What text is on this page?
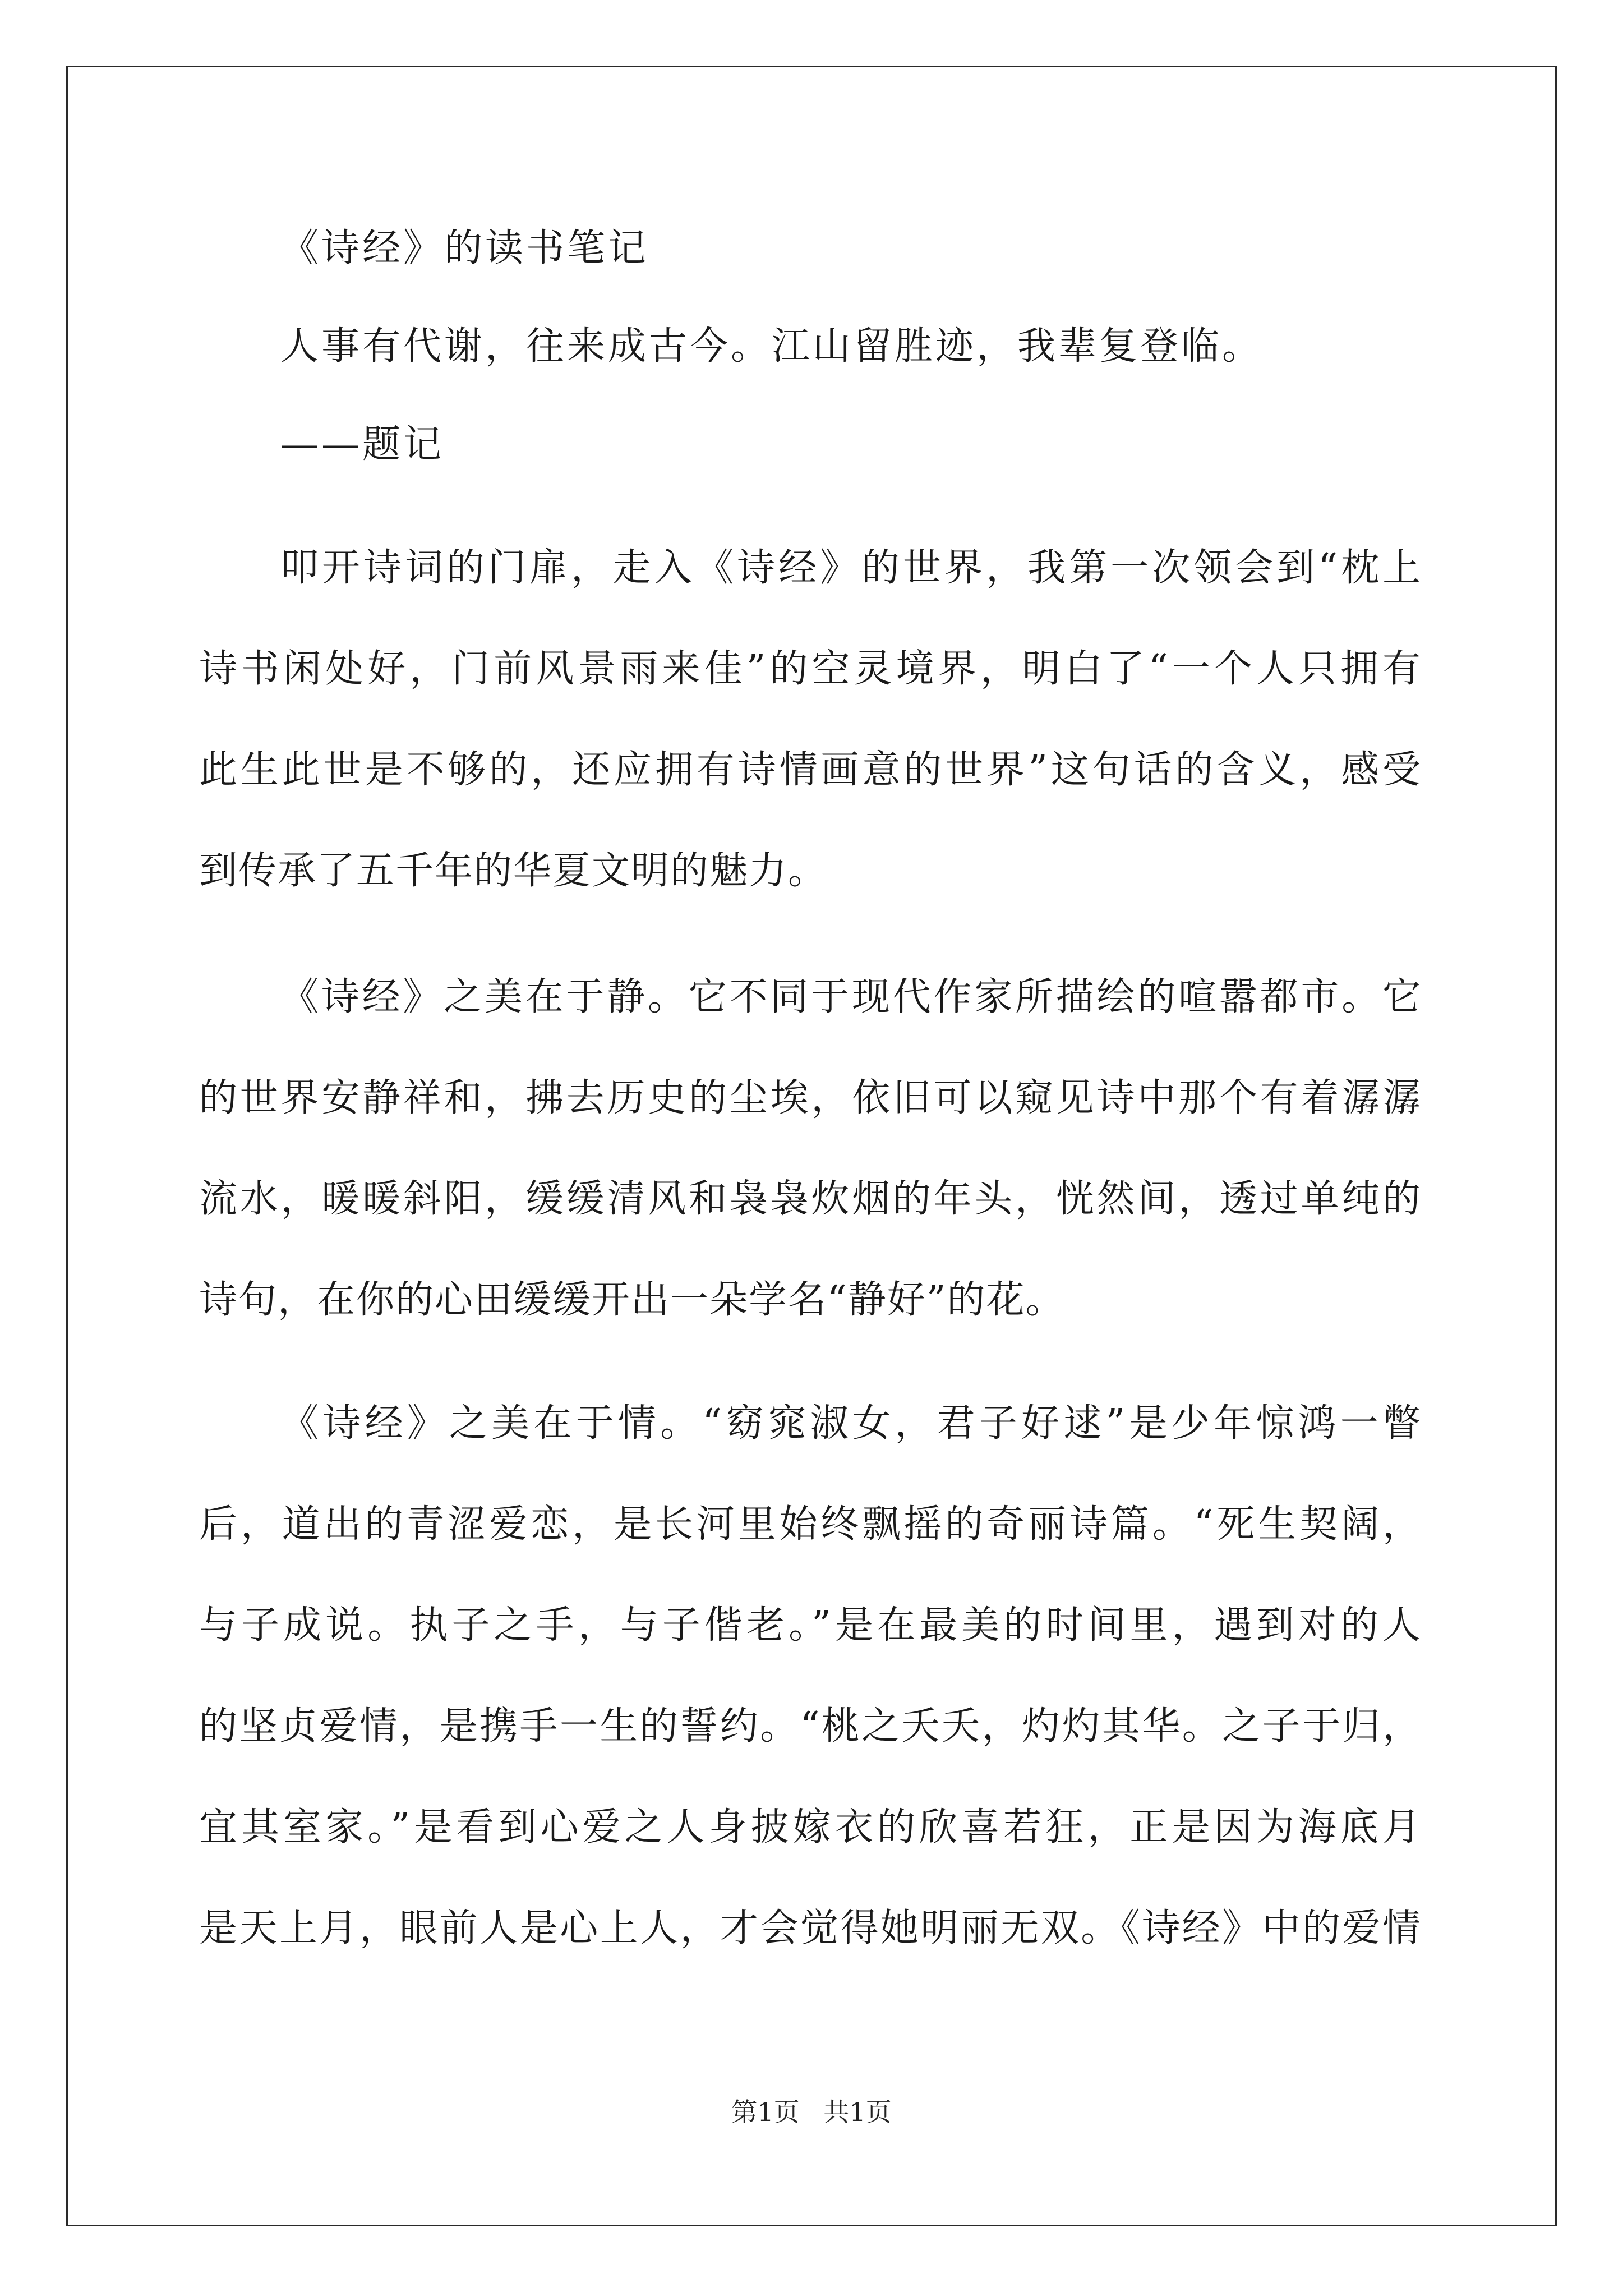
《诗经》的读书笔记
人事有代谢，往来成古今。江山留胜迹，我辈复登临。
——题记
叩开诗词的门扉，走入《诗经》的世界，我第一次领会到“枕上
诗书闲处好，门前风景雨来佳”的空灵境界，明白了“一个人只拥有
此生此世是不够的，还应拥有诗情画意的世界”这句话的含义，感受
到传承了五千年的华夏文明的魅力。
《诗经》之美在于静。它不同于现代作家所描绘的喧嚣都市。它
的世界安静祥和，拂去历史的尘埃，依旧可以窥见诗中那个有着潺潺
流水，暖暖斜阳，缓缓清风和袅袅炊烟的年头，恍然间，透过单纯的
诗句，在你的心田缓缓开出一朵学名“静好”的花。
《诗经》之美在于情。“窈窕淑女，君子好逑”是少年惊鸿一瞥
后，道出的青涩爱恋，是长河里始终飘摇的奇丽诗篇。“死生契阔，
与子成说。执子之手，与子偕老。”是在最美的时间里，遇到对的人
的坚贞爱情，是携手一生的誓约。“桃之夭夭，灼灼其华。之子于归，
宜其室家。”是看到心爱之人身披嫁衣的欣喜若狂，正是因为海底月
是天上月，眼前人是心上人，才会觉得她明丽无双。《诗经》中的爱情
第1页 共1页
